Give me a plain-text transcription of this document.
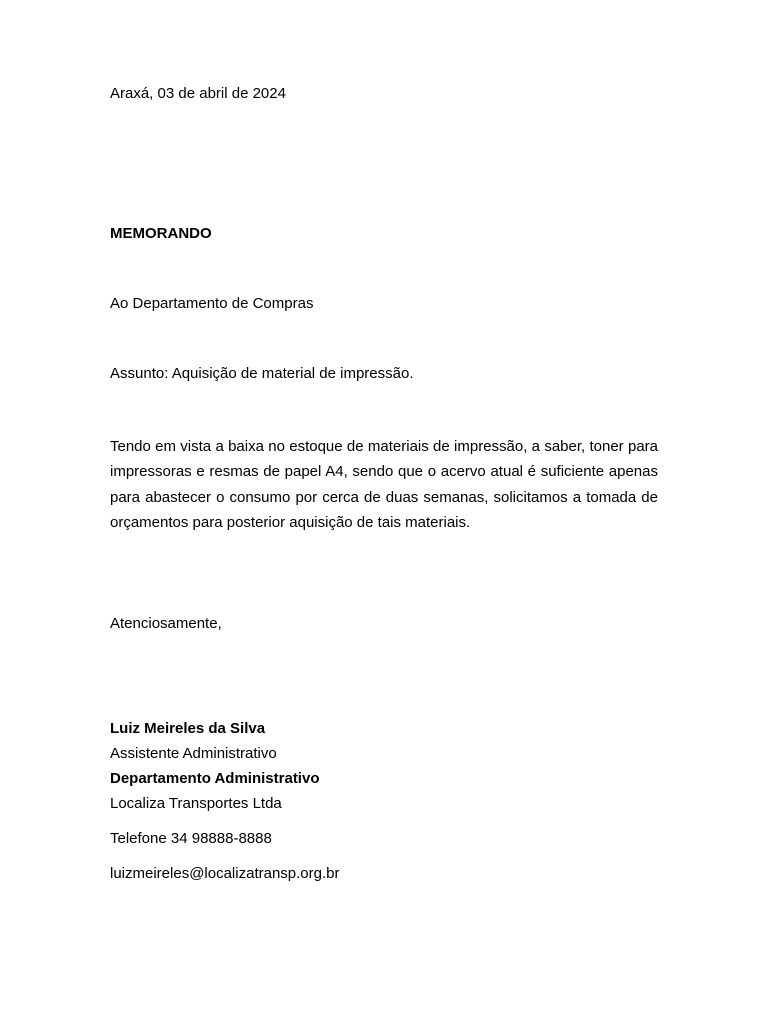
Araxá, 03 de abril de 2024
MEMORANDO
Ao Departamento de Compras
Assunto: Aquisição de material de impressão.

Tendo em vista a baixa no estoque de materiais de impressão, a saber, toner para impressoras e resmas de papel A4, sendo que o acervo atual é suficiente apenas para abastecer o consumo por cerca de duas semanas, solicitamos a tomada de orçamentos para posterior aquisição de tais materiais.

Atenciosamente,
Luiz Meireles da Silva
Assistente Administrativo
Departamento Administrativo
Localiza Transportes Ltda
Telefone 34 98888-8888
luizmeireles@localizatransp.org.br
